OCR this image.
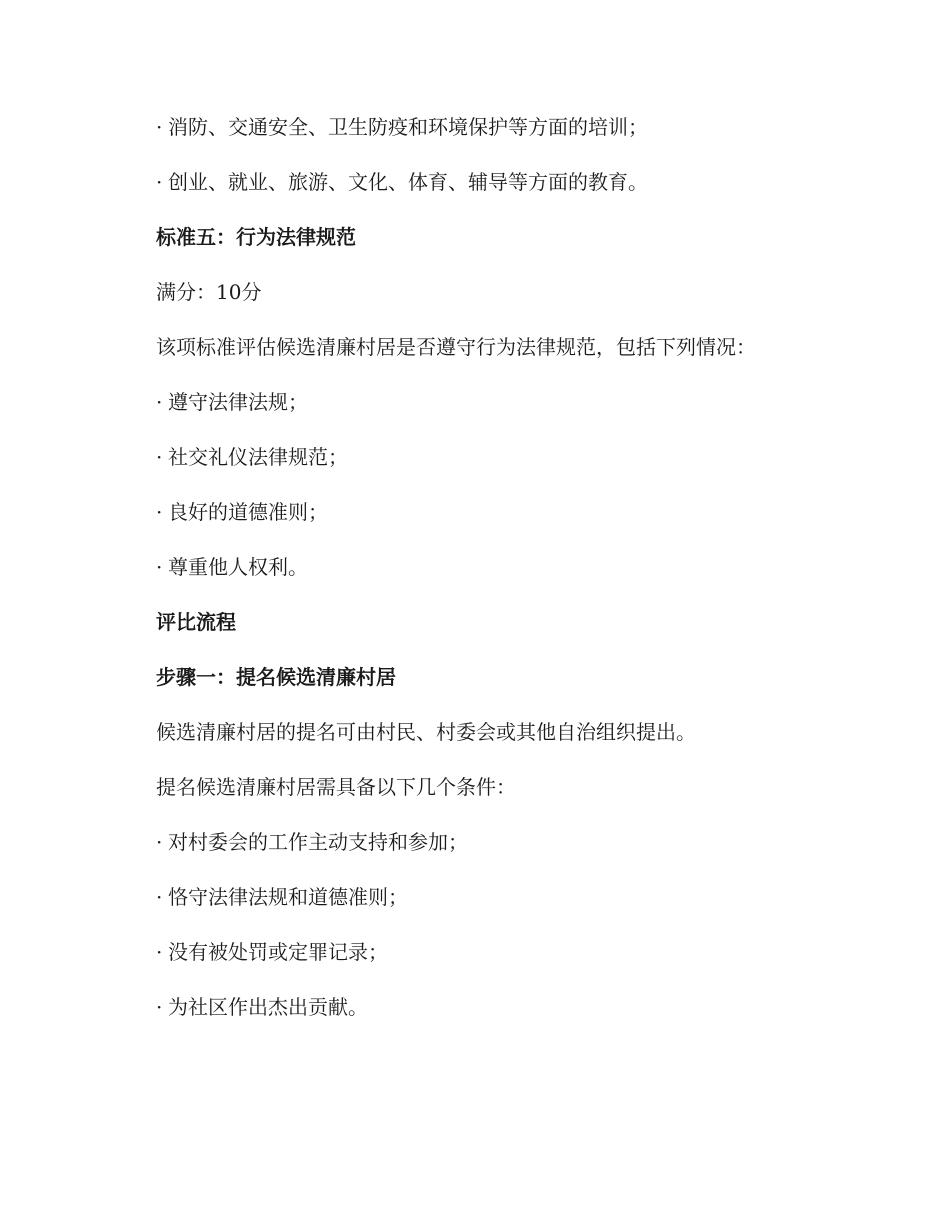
· 消防、交通安全、卫生防疫和环境保护等方面的培训；
· 创业、就业、旅游、文化、体育、辅导等方面的教育。
标准五：行为法律规范
满分：10分
该项标准评估候选清廉村居是否遵守行为法律规范，包括下列情况：
· 遵守法律法规；
· 社交礼仪法律规范；
· 良好的道德准则；
· 尊重他人权利。
评比流程
步骤一：提名候选清廉村居
候选清廉村居的提名可由村民、村委会或其他自治组织提出。
提名候选清廉村居需具备以下几个条件：
· 对村委会的工作主动支持和参加；
· 恪守法律法规和道德准则；
· 没有被处罚或定罪记录；
· 为社区作出杰出贡献。
